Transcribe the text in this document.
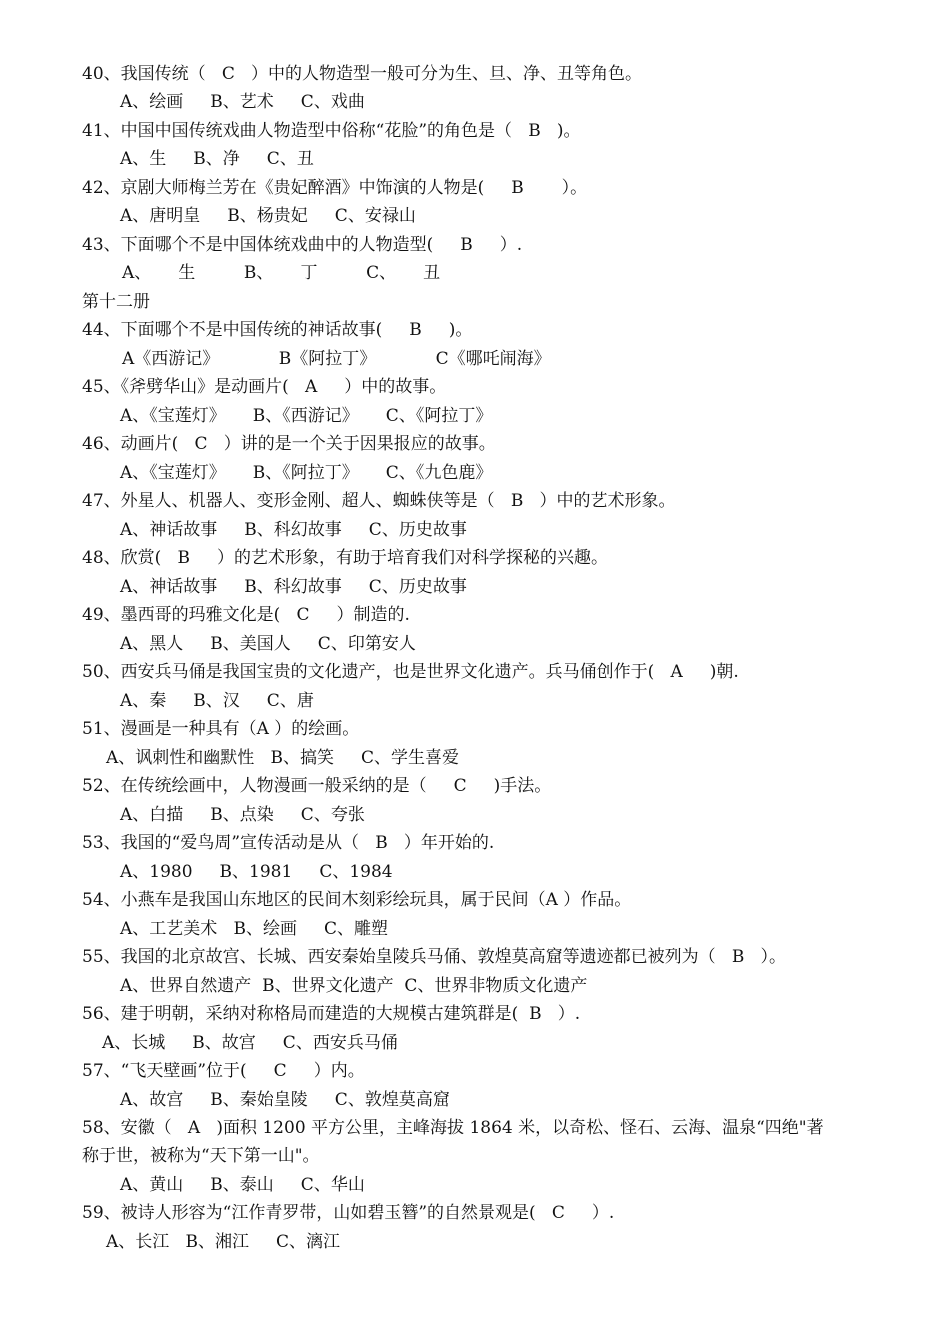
40、我国传统（   C   ）中的人物造型一般可分为生、旦、净、丑等角色。
A、绘画     B、艺术     C、戏曲
41、中国中国传统戏曲人物造型中俗称“花脸”的角色是（   B   )。
A、生     B、净     C、丑
42、京剧大师梅兰芳在《贵妃醉酒》中饰演的人物是(     B       ）。
A、唐明皇     B、杨贵妃     C、安禄山
43、下面哪个不是中国体统戏曲中的人物造型(     B     ）.
A、     生         B、     丁         C、     丑
第十二册
44、下面哪个不是中国传统的神话故事(     B     )。
A《西游记》           B《阿拉丁》           C《哪吒闹海》
45、《斧劈华山》是动画片(   A     ）中的故事。
A、《宝莲灯》     B、《西游记》     C、《阿拉丁》
46、动画片(   C   ）讲的是一个关于因果报应的故事。
A、《宝莲灯》     B、《阿拉丁》     C、《九色鹿》
47、外星人、机器人、变形金刚、超人、蜘蛛侠等是（   B   ）中的艺术形象。
A、神话故事     B、科幻故事     C、历史故事
48、欣赏(   B     ）的艺术形象，有助于培育我们对科学探秘的兴趣。
A、神话故事     B、科幻故事     C、历史故事
49、墨西哥的玛雅文化是(   C     ）制造的.
A、黑人     B、美国人     C、印第安人
50、西安兵马俑是我国宝贵的文化遗产，也是世界文化遗产。兵马俑创作于(   A     )朝.
A、秦     B、汉     C、唐
51、漫画是一种具有（A ）的绘画。
A、讽刺性和幽默性   B、搞笑     C、学生喜爱
52、在传统绘画中，人物漫画一般采纳的是（     C     )手法。
A、白描     B、点染     C、夸张
53、我国的“爱鸟周”宣传活动是从（   B   ）年开始的.
A、1980     B、1981     C、1984
54、小燕车是我国山东地区的民间木刻彩绘玩具，属于民间（A ）作品。
A、工艺美术   B、绘画     C、雕塑
55、我国的北京故宫、长城、西安秦始皇陵兵马俑、敦煌莫高窟等遗迹都已被列为（   B   ）。
A、世界自然遗产  B、世界文化遗产  C、世界非物质文化遗产
56、建于明朝，采纳对称格局而建造的大规模古建筑群是(  B   ）.
A、长城     B、故宫     C、西安兵马俑
57、“飞天壁画”位于(     C     ）内。
A、故宫     B、秦始皇陵     C、敦煌莫高窟
58、安徽（   A   )面积 1200 平方公里，主峰海拔 1864 米，以奇松、怪石、云海、温泉“四绝"著
称于世，被称为“天下第一山"。
A、黄山     B、泰山     C、华山
59、被诗人形容为“江作青罗带，山如碧玉簪”的自然景观是(   C     ）.
A、长江   B、湘江     C、漓江
